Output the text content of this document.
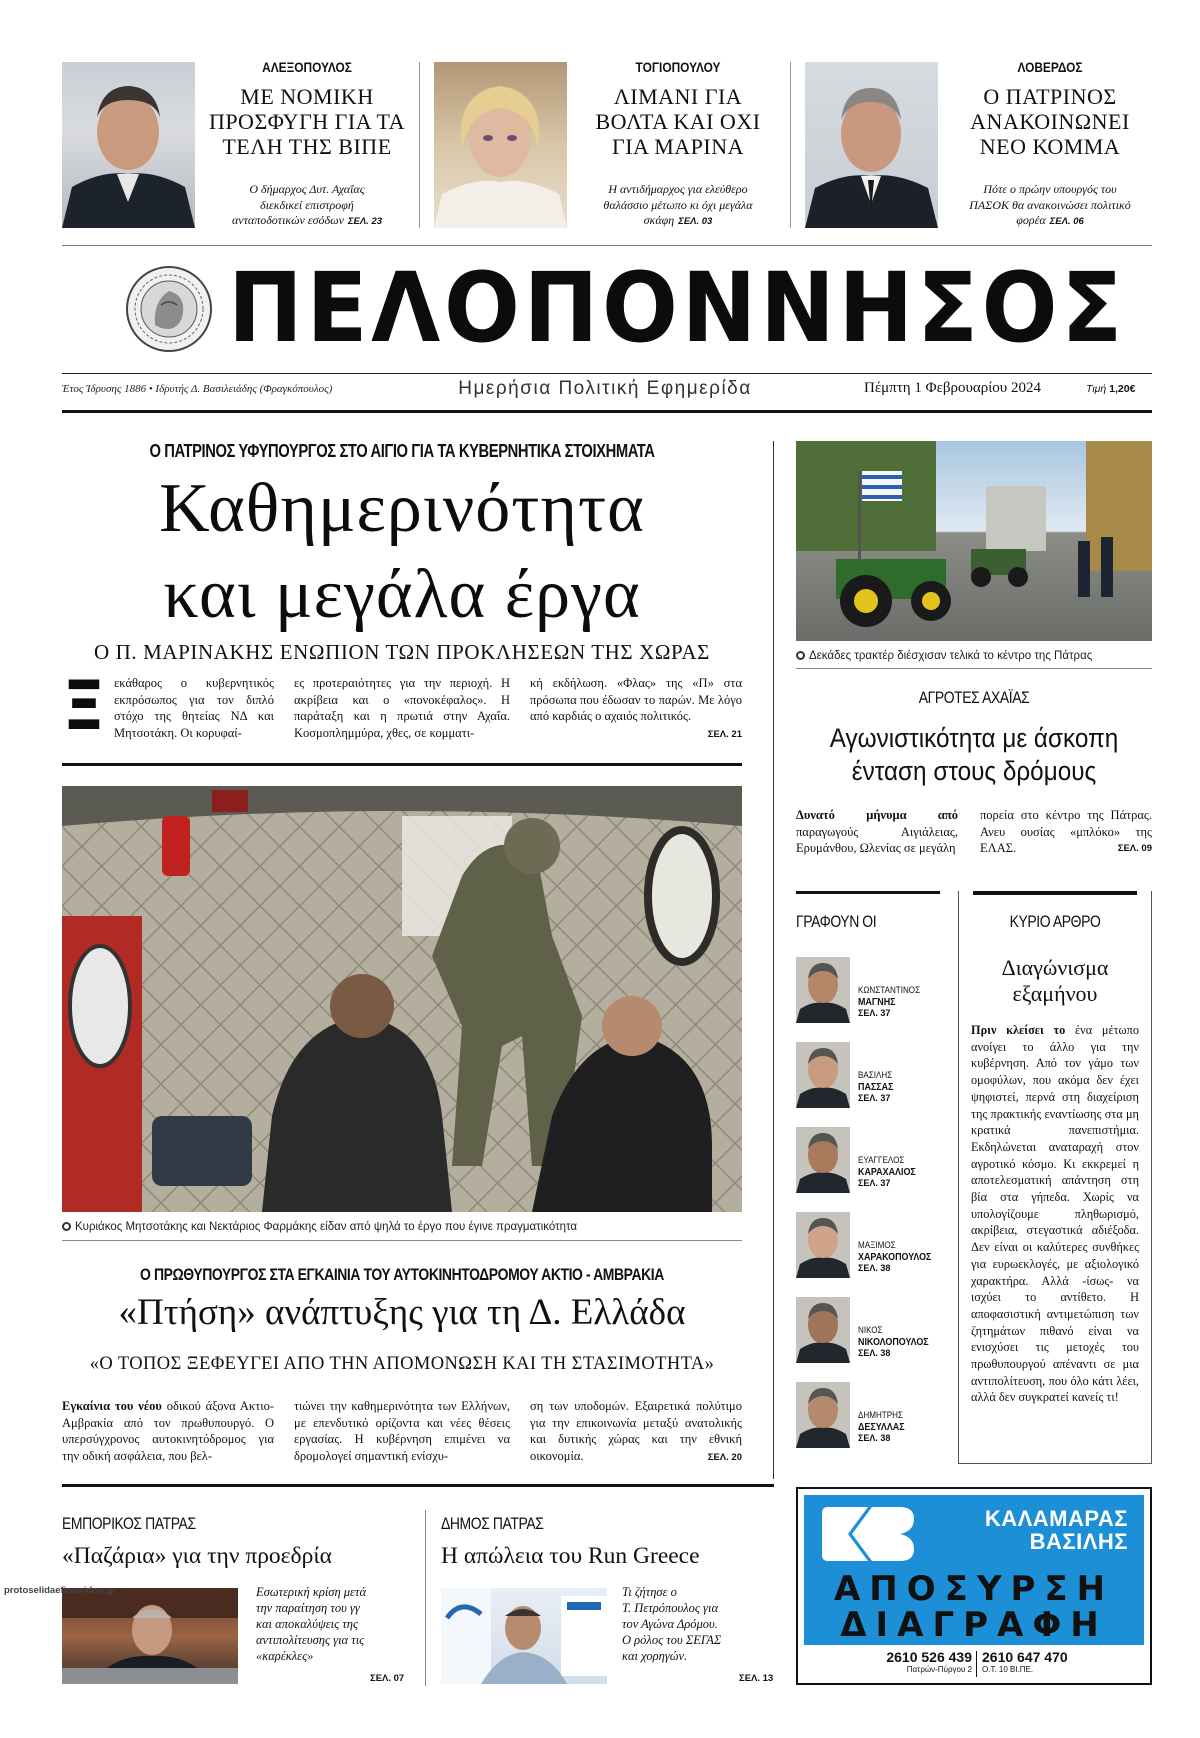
ΑΛΕΞΟΠΟΥΛΟΣ
ΜΕ ΝΟΜΙΚΗ
ΠΡΟΣΦΥΓΗ ΓΙΑ ΤΑ
ΤΕΛΗ ΤΗΣ ΒΙΠΕ
Ο δήμαρχος Δυτ. Αχαΐας
διεκδικεί επιστροφή
ανταποδοτικών εσόδων ΣΕΛ. 23
ΤΟΓΙΟΠΟΥΛΟΥ
ΛΙΜΑΝΙ ΓΙΑ
ΒΟΛΤΑ ΚΑΙ ΟΧΙ
ΓΙΑ ΜΑΡΙΝΑ
Η αντιδήμαρχος για ελεύθερο
θαλάσσιο μέτωπο κι όχι μεγάλα
σκάφη ΣΕΛ. 03
ΛΟΒΕΡΔΟΣ
Ο ΠΑΤΡΙΝΟΣ
ΑΝΑΚΟΙΝΩΝΕΙ
ΝΕΟ ΚΟΜΜΑ
Πότε ο πρώην υπουργός του
ΠΑΣΟΚ θα ανακοινώσει πολιτικό
φορέα ΣΕΛ. 06
ΠΕΛΟΠΟΝΝΗΣΟΣ
Έτος Ίδρυσης 1886 • Ιδρυτής Δ. Βασιλειάδης (Φραγκόπουλος)	Ημερήσια Πολιτική Εφημερίδα	Πέμπτη 1 Φεβρουαρίου 2024	Τιμή 1,20€
Ο ΠΑΤΡΙΝΟΣ ΥΦΥΠΟΥΡΓΟΣ ΣΤΟ ΑΙΓΙΟ ΓΙΑ ΤΑ ΚΥΒΕΡΝΗΤΙΚΑ ΣΤΟΙΧΗΜΑΤΑ
Καθημερινότητα
και μεγάλα έργα
Ο Π. ΜΑΡΙΝΑΚΗΣ ΕΝΩΠΙΟΝ ΤΩΝ ΠΡΟΚΛΗΣΕΩΝ ΤΗΣ ΧΩΡΑΣ
Ξ εκάθαρος ο κυβερνητικός εκπρόσωπος για τον διπλό στόχο της θητείας ΝΔ και Μητσοτάκη. Οι κορυφαί-
ες προτεραιότητες για την περιοχή. Η ακρίβεια και ο «πονοκέφαλος». Η παράταξη και η πρωτιά στην Αχαΐα. Κοσμοπλημμύρα, χθες, σε κομματι-
κή εκδήλωση. «Φλας» της «Π» στα πρόσωπα που έδωσαν το παρών. Με λόγο από καρδιάς ο αχαιός πολιτικός.
ΣΕΛ. 21
Κυριάκος Μητσοτάκης και Νεκτάριος Φαρμάκης είδαν από ψηλά το έργο που έγινε πραγματικότητα
Ο ΠΡΩΘΥΠΟΥΡΓΟΣ ΣΤΑ ΕΓΚΑΙΝΙΑ ΤΟΥ ΑΥΤΟΚΙΝΗΤΟΔΡΟΜΟΥ ΑΚΤΙΟ - ΑΜΒΡΑΚΙΑ
«Πτήση» ανάπτυξης για τη Δ. Ελλάδα
«Ο ΤΟΠΟΣ ΞΕΦΕΥΓΕΙ ΑΠΟ ΤΗΝ ΑΠΟΜΟΝΩΣΗ ΚΑΙ ΤΗ ΣΤΑΣΙΜΟΤΗΤΑ»
Εγκαίνια του νέου οδικού άξονα Ακτιο-Αμβρακία από τον πρωθυπουργό. Ο υπερσύγχρονος αυτοκινητόδρομος για την οδική ασφάλεια, που βελ-
τιώνει την καθημερινότητα των Ελλήνων, με επενδυτικό ορίζοντα και νέες θέσεις εργασίας. Η κυβέρνηση επιμένει να δρομολογεί σημαντική ενίσχυ-
ση των υποδομών. Εξαιρετικά πολύτιμο για την επικοινωνία μεταξύ ανατολικής και δυτικής χώρας και την εθνική οικονομία.	ΣΕΛ. 20
Δεκάδες τρακτέρ διέσχισαν τελικά το κέντρο της Πάτρας
ΑΓΡΟΤΕΣ ΑΧΑΪΑΣ
Αγωνιστικότητα με άσκοπη
ένταση στους δρόμους
Δυνατό μήνυμα από παραγωγούς Αιγιάλειας, Ερυμάνθου, Ωλενίας σε μεγάλη
πορεία στο κέντρο της Πάτρας. Ανευ ουσίας «μπλόκο» της ΕΛΑΣ.	ΣΕΛ. 09
ΓΡΑΦΟΥΝ ΟΙ
ΚΩΝΣΤΑΝΤΙΝΟΣ
ΜΑΓΝΗΣ
ΣΕΛ. 37
ΒΑΣΙΛΗΣ
ΠΑΣΣΑΣ
ΣΕΛ. 37
ΕΥΑΓΓΕΛΟΣ
ΚΑΡΑΧΑΛΙΟΣ
ΣΕΛ. 37
ΜΑΞΙΜΟΣ
ΧΑΡΑΚΟΠΟΥΛΟΣ
ΣΕΛ. 38
ΝΙΚΟΣ
ΝΙΚΟΛΟΠΟΥΛΟΣ
ΣΕΛ. 38
ΔΗΜΗΤΡΗΣ
ΔΕΣΥΛΛΑΣ
ΣΕΛ. 38
ΚΥΡΙΟ ΑΡΘΡΟ
Διαγώνισμα
εξαμήνου
Πριν κλείσει το ένα μέτωπο ανοίγει το άλλο για την κυβέρνηση. Από τον γάμο των ομοφύλων, που ακόμα δεν έχει ψηφιστεί, περνά στη διαχείριση της πρακτικής εναντίωσης στα μη κρατικά πανεπιστήμια. Εκδηλώνεται αναταραχή στον αγροτικό κόσμο. Κι εκκρεμεί η αποτελεσματική απάντηση στη βία στα γήπεδα. Χωρίς να υπολογίζουμε πληθωρισμό, ακρίβεια, στεγαστικά αδιέξοδα. Δεν είναι οι καλύτερες συνθήκες για ευρωεκλογές, με αξιολογικό χαρακτήρα. Αλλά -ίσως- να ισχύει το αντίθετο. Η αποφασιστική αντιμετώπιση των ζητημάτων πιθανό είναι να ενισχύσει τις μετοχές του πρωθυπουργού απέναντι σε μια αντιπολίτευση, που όλο κάτι λέει, αλλά δεν συγκρατεί κανείς τι!
ΕΜΠΟΡΙΚΟΣ ΠΑΤΡΑΣ
«Παζάρια» για την προεδρία
protoselidaefimeridon.gr	Εσωτερική κρίση μετά
την παραίτηση του γγ
και αποκαλύψεις της
αντιπολίτευσης για τις
«καρέκλες»
ΣΕΛ. 07
ΔΗΜΟΣ ΠΑΤΡΑΣ
Η απώλεια του Run Greece
Τι ζήτησε ο
Τ. Πετρόπουλος για
τον Αγώνα Δρόμου.
Ο ρόλος του ΣΕΓΑΣ
και χορηγών.
ΣΕΛ. 13
ΚΑΛΑΜΑΡΑΣ
ΒΑΣΙΛΗΣ
ΑΠΟΣΥΡΣΗ
ΔΙΑΓΡΑΦΗ
2610 526 439
Πατρών-Πύργου 2
2610 647 470
Ο.Τ. 10 ΒΙ.ΠΕ.
